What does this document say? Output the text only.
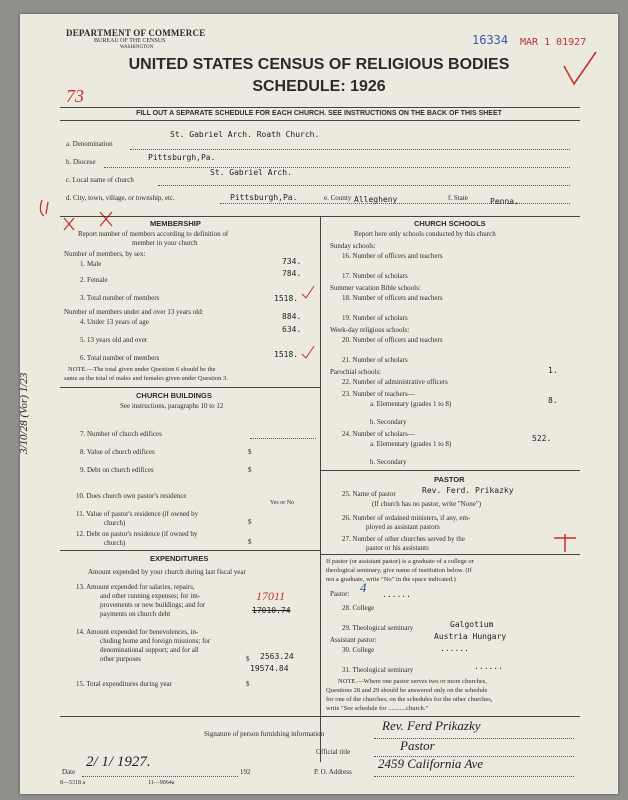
DEPARTMENT OF COMMERCE
BUREAU OF THE CENSUS
WASHINGTON
16334 MAR 1 01927
UNITED STATES CENSUS OF RELIGIOUS BODIES
SCHEDULE: 1926
73
FILL OUT A SEPARATE SCHEDULE FOR EACH CHURCH. SEE INSTRUCTIONS ON THE BACK OF THIS SHEET
a. Denomination
St. Gabriel Arch. Roath Church.
b. Diocese	Pittsburgh,Pa.
c. Local name of church
St. Gabriel Arch.
d. City, town, village, or township, etc.	Pittsburgh,Pa.	e. County Allegheny	f. State	Penna.
MEMBERSHIP
Report number of members according to definition of
member in your church
Number of members, by sex:
1. Male	734.
2. Female
784.
3. Total number of members	1518.
Number of members under and over 13 years old:
4. Under 13 years of age
884.
5. 13 years old and over
634.
6. Total number of members	1518.
NOTE.—The total given under Question 6 should be the
same as the total of males and females given under Question 3.
CHURCH BUILDINGS
See instructions, paragraphs 10 to 12
7. Number of church edifices
8. Value of church edifices	$
9. Debt on church edifices	$
10. Does church own pastor's residence
Yes or No
11. Value of pastor's residence (if owned by
church)	$
12. Debt on pastor's residence (if owned by
church)	$
EXPENDITURES
Amount expended by your church during last fiscal year
13. Amount expended for salaries, repairs,
and other running expenses; for im-
provements or new buildings; and for
payments on church debt
17011
17010.74
14. Amount expended for benevolences, in-
cluding home and foreign missions; for
denominational support; and for all
other purposes	$ 2563.24
19574.84
15. Total expenditures during year	$
3/10/28 (Vor) 1/23
CHURCH SCHOOLS
Report here only schools conducted by this church
Sunday schools:
16. Number of officers and teachers
17. Number of scholars
Summer vacation Bible schools:
18. Number of officers and teachers
19. Number of scholars
Week-day religious schools:
20. Number of officers and teachers
21. Number of scholars
Parochial schools:	1.
22. Number of administrative officers
23. Number of teachers—
a. Elementary (grades 1 to 8)	8.
b. Secondary
24. Number of scholars—
a. Elementary (grades 1 to 8)
522.
b. Secondary
PASTOR
25. Name of pastor	Rev. Ferd. Prikazky
(If church has no pastor, write "None")
26. Number of ordained ministers, if any, em-
ployed as assistant pastors
27. Number of other churches served by the
pastor or his assistants
If pastor (or assistant pastor) is a graduate of a college or
theological seminary, give name of institution below. (If
not a graduate, write "No" in the space indicated.)
Pastor: 4 ......
28. College
29. Theological seminary	Galgotium
Assistant pastor:	Austria Hungary
30. College	......
31. Theological seminary	......
NOTE.—Where one pastor serves two or more churches,
Questions 28 and 29 should be answered only on the schedule
for one of the churches; on the schedules for the other churches,
write "See schedule for ...........church."
Signature of person furnishing information
Rev. Ferd Prikazky
Official title	Pastor
Date
2/ 1/ 1927.
192	P. O. Address
2459 California Ave
8—5318 a	11—9064a
